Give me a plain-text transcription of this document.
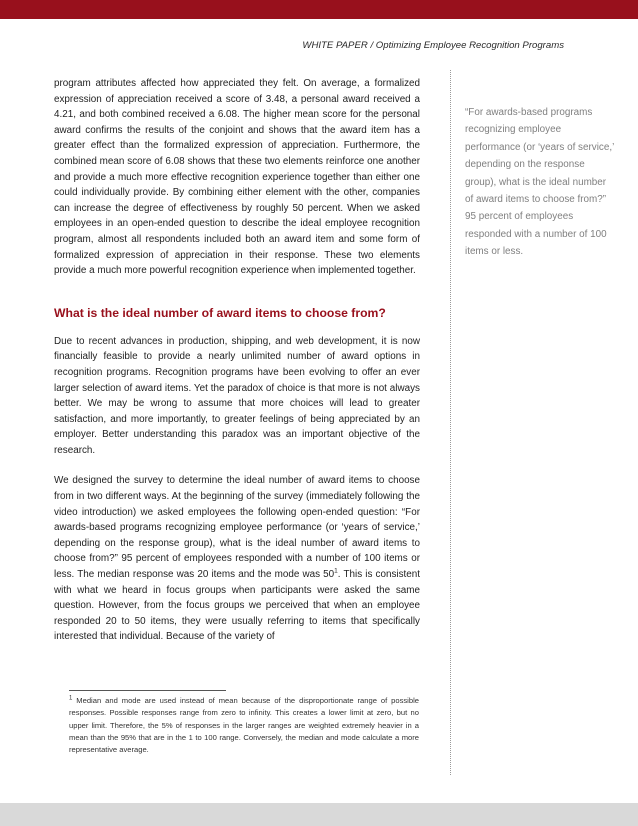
WHITE PAPER / Optimizing Employee Recognition Programs

program attributes affected how appreciated they felt. On average, a formalized expression of appreciation received a score of 3.48, a personal award received a 4.21, and both combined received a 6.08. The higher mean score for the personal award confirms the results of the conjoint and shows that the award item has a greater effect than the formalized expression of appreciation. Furthermore, the combined mean score of 6.08 shows that these two elements reinforce one another and provide a much more effective recognition experience together than either one could individually provide. By combining either element with the other, companies can increase the degree of effectiveness by roughly 50 percent. When we asked employees in an open-ended question to describe the ideal employee recognition program, almost all respondents included both an award item and some form of formalized expression of appreciation in their response. These two elements provide a much more powerful recognition experience when implemented together.

What is the ideal number of award items to choose from?

Due to recent advances in production, shipping, and web development, it is now financially feasible to provide a nearly unlimited number of award options in recognition programs. Recognition programs have been evolving to offer an ever larger selection of award items. Yet the paradox of choice is that more is not always better. We may be wrong to assume that more choices will lead to greater satisfaction, and more importantly, to greater feelings of being appreciated by an employer. Better understanding this paradox was an important objective of the research.

We designed the survey to determine the ideal number of award items to choose from in two different ways. At the beginning of the survey (immediately following the video introduction) we asked employees the following open-ended question: “For awards-based programs recognizing employee performance (or ‘years of service,’ depending on the response group), what is the ideal number of award items to choose from?” 95 percent of employees responded with a number of 100 items or less. The median response was 20 items and the mode was $50^1$. This is consistent with what we heard in focus groups when participants were asked the same question. However, from the focus groups we perceived that when an employee responded 20 to 50 items, they were usually referring to items that specifically interested that individual. Because of the variety of

“For awards-based programs recognizing employee performance (or ‘years of service,’ depending on the response group), what is the ideal number of award items to choose from?” 95 percent of employees responded with a number of 100 items or less.
$^1$ Median and mode are used instead of mean because of the disproportionate range of possible responses. Possible responses range from zero to infinity. This creates a lower limit at zero, but no upper limit. Therefore, the 5% of responses in the larger ranges are weighted extremely heavier in a mean than the 95% that are in the 1 to 100 range. Conversely, the median and mode calculate a more representative average.
